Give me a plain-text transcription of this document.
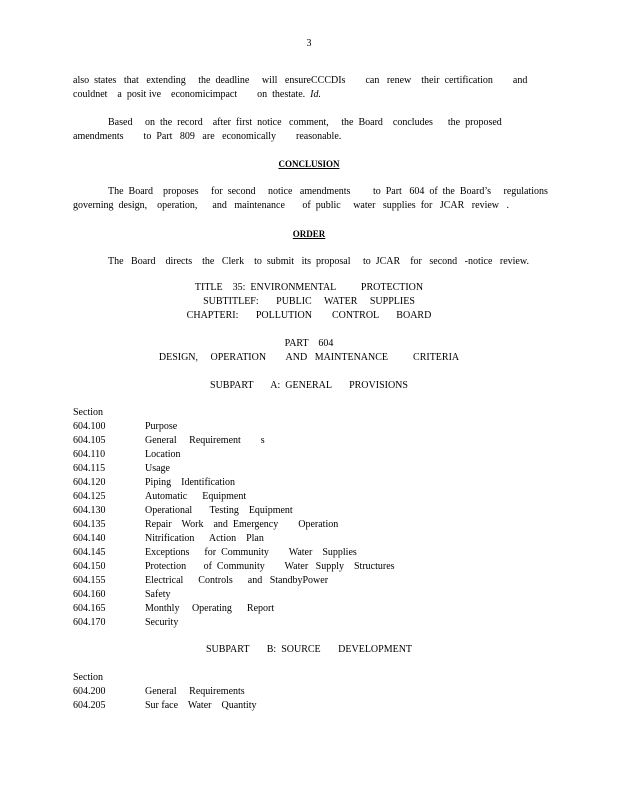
3
also  states   that   extending     the  deadline     will   ensureCCCDIs        can   renew    their  certification        and
couldnet    a  posit ive    economicimpact        on  thestate.  Id.
Based     on  the  record    after  first  notice   comment,     the  Board    concludes      the  proposed
amendments        to  Part   809   are   economically        reasonable.
CONCLUSION
The  Board    proposes     for  second     notice   amendments         to  Part   604  of  the  Board’s     regulations
governing  design,    operation,      and   maintenance       of  public     water   supplies  for   JCAR   review   .
ORDER
The   Board    directs    the   Clerk    to  submit   its  proposal     to  JCAR    for   second   -notice   review.
TITLE    35:  ENVIRONMENTAL          PROTECTION
SUBTITLEF:       PUBLIC     WATER     SUPPLIES
CHAPTERI:       POLLUTION        CONTROL       BOARD
PART    604
DESIGN,     OPERATION        AND   MAINTENANCE          CRITERIA
SUBPART       A:  GENERAL       PROVISIONS
Section
604.100	Purpose
604.105	General     Requirement        s
604.110	Location
604.115	Usage
604.120	Piping    Identification
604.125	Automatic      Equipment
604.130	Operational       Testing    Equipment
604.135	Repair    Work    and  Emergency        Operation
604.140	Nitrification      Action    Plan
604.145	Exceptions      for  Community        Water    Supplies
604.150	Protection       of  Community        Water   Supply    Structures
604.155	Electrical      Controls      and   StandbyPower
604.160	Safety
604.165	Monthly     Operating      Report
604.170	Security
SUBPART       B:  SOURCE       DEVELOPMENT
Section
604.200	General     Requirements
604.205	Sur face    Water    Quantity
